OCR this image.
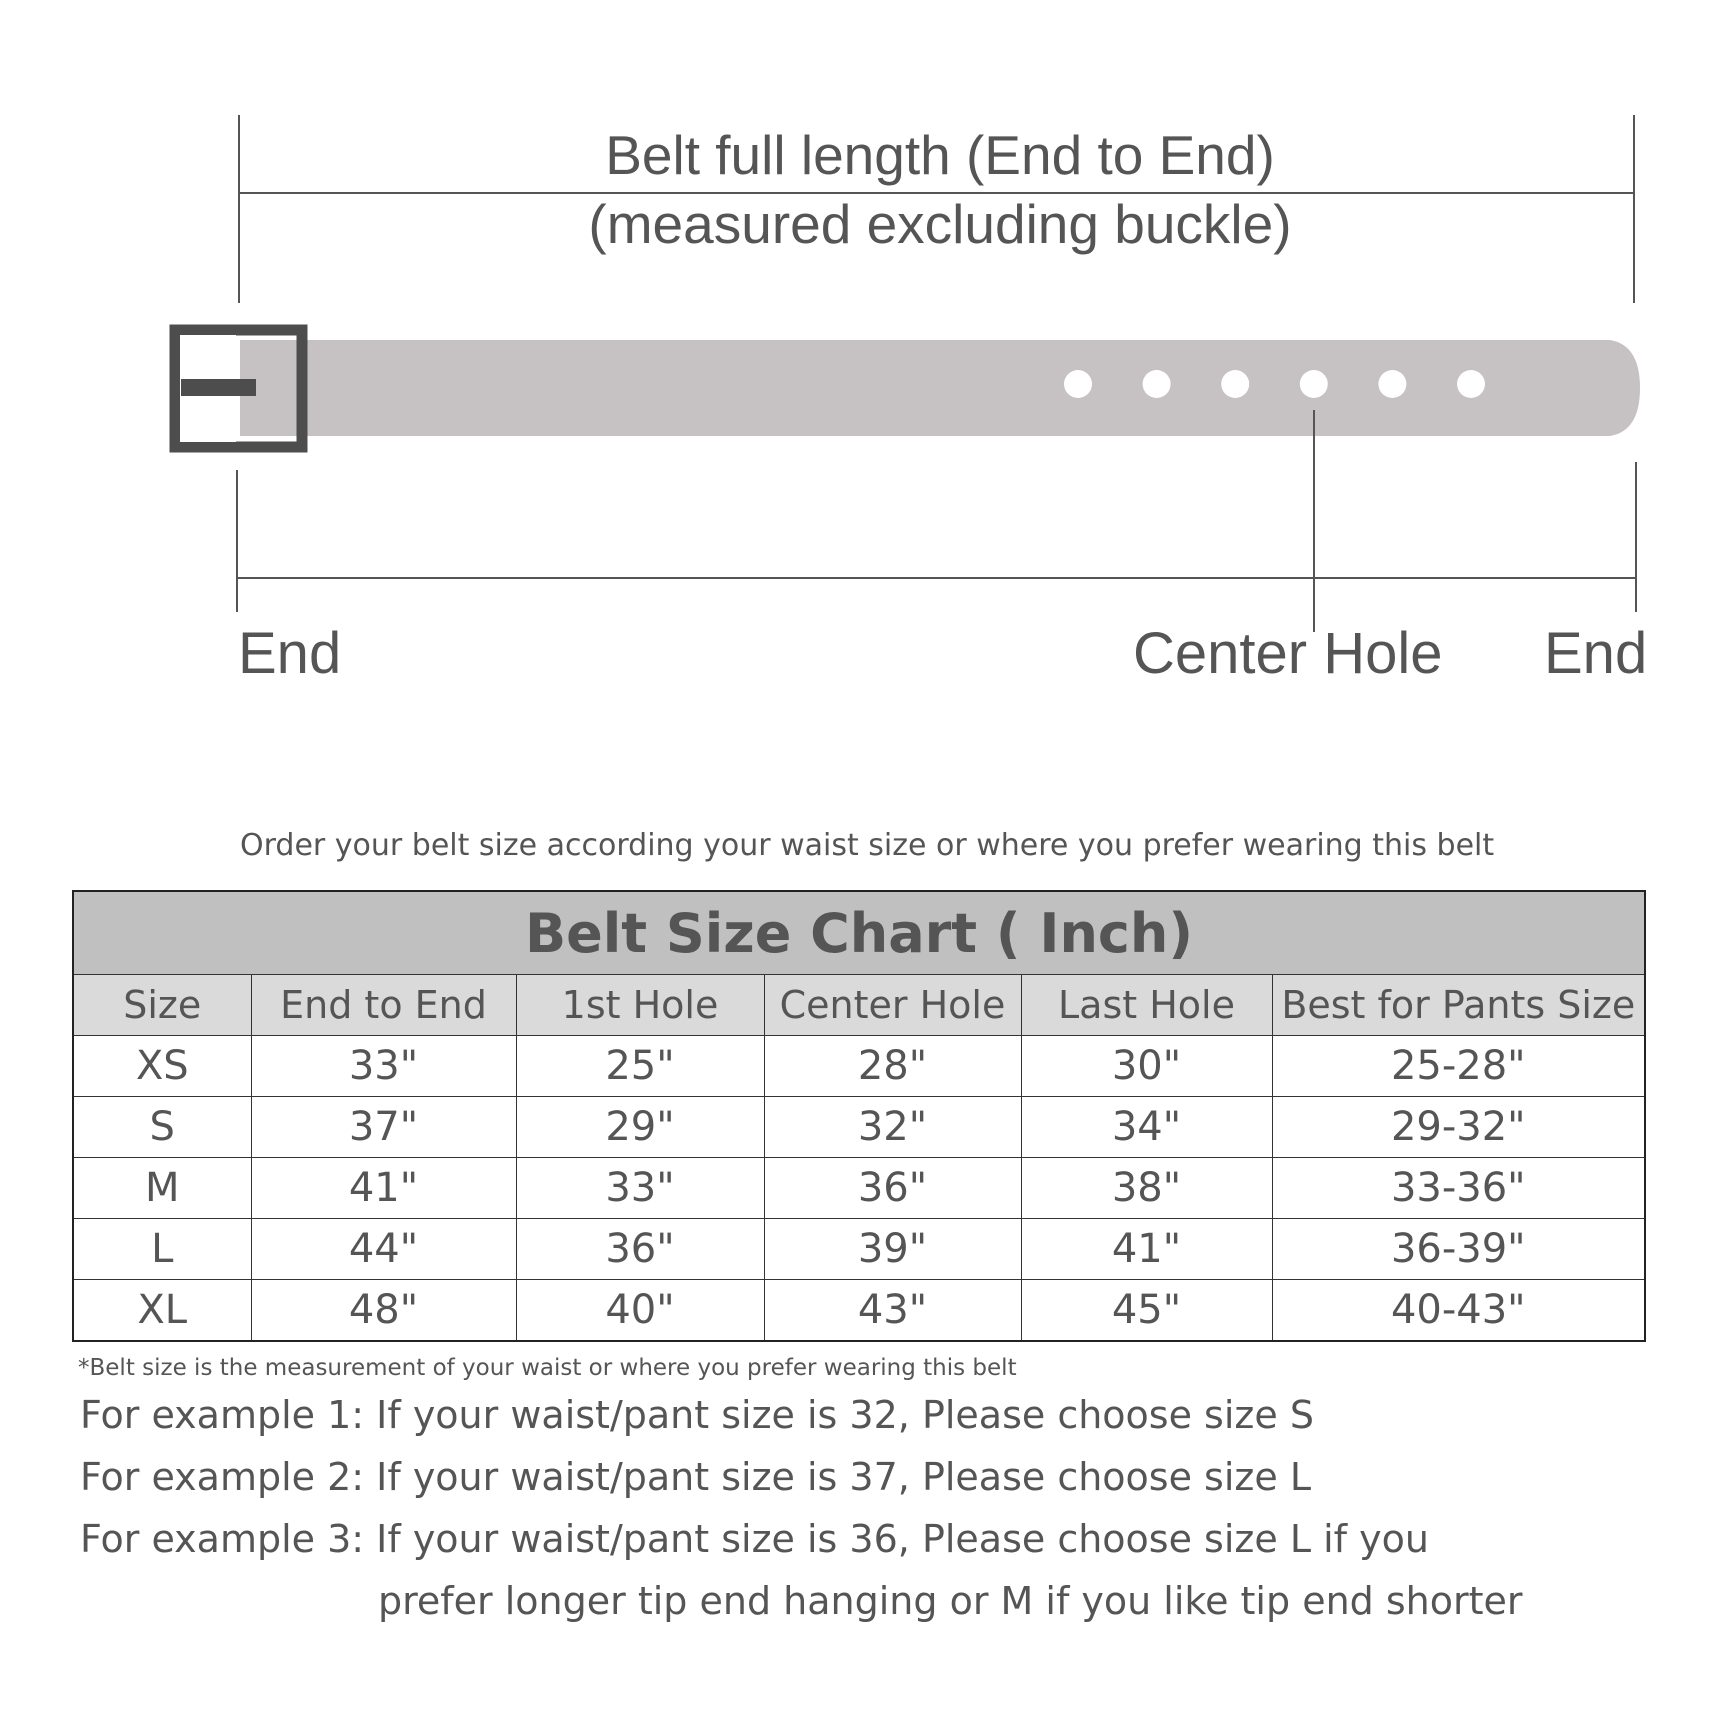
Belt full length (End to End)
(measured excluding buckle)
End	Center Hole End
Order your belt size according your waist size or where you prefer wearing this belt
Belt Size Chart ( Inch)					
Size	End to End	1st Hole	Center Hole	Last Hole	Best for Pants Size
XS	33"	25"	28"	30"	25-28"
S	37"	29"	32"	34"	29-32"
M	41"	33"	36"	38"	33-36"
L	44"	36"	39"	41"	36-39"
XL	48"	40"	43"	45"	40-43"
*Belt size is the measurement of your waist or where you prefer wearing this belt
For example 1: If your waist/pant size is 32, Please choose size S
For example 2: If your waist/pant size is 37, Please choose size L
For example 3: If your waist/pant size is 36, Please choose size L if you
prefer longer tip end hanging or M if you like tip end shorter
